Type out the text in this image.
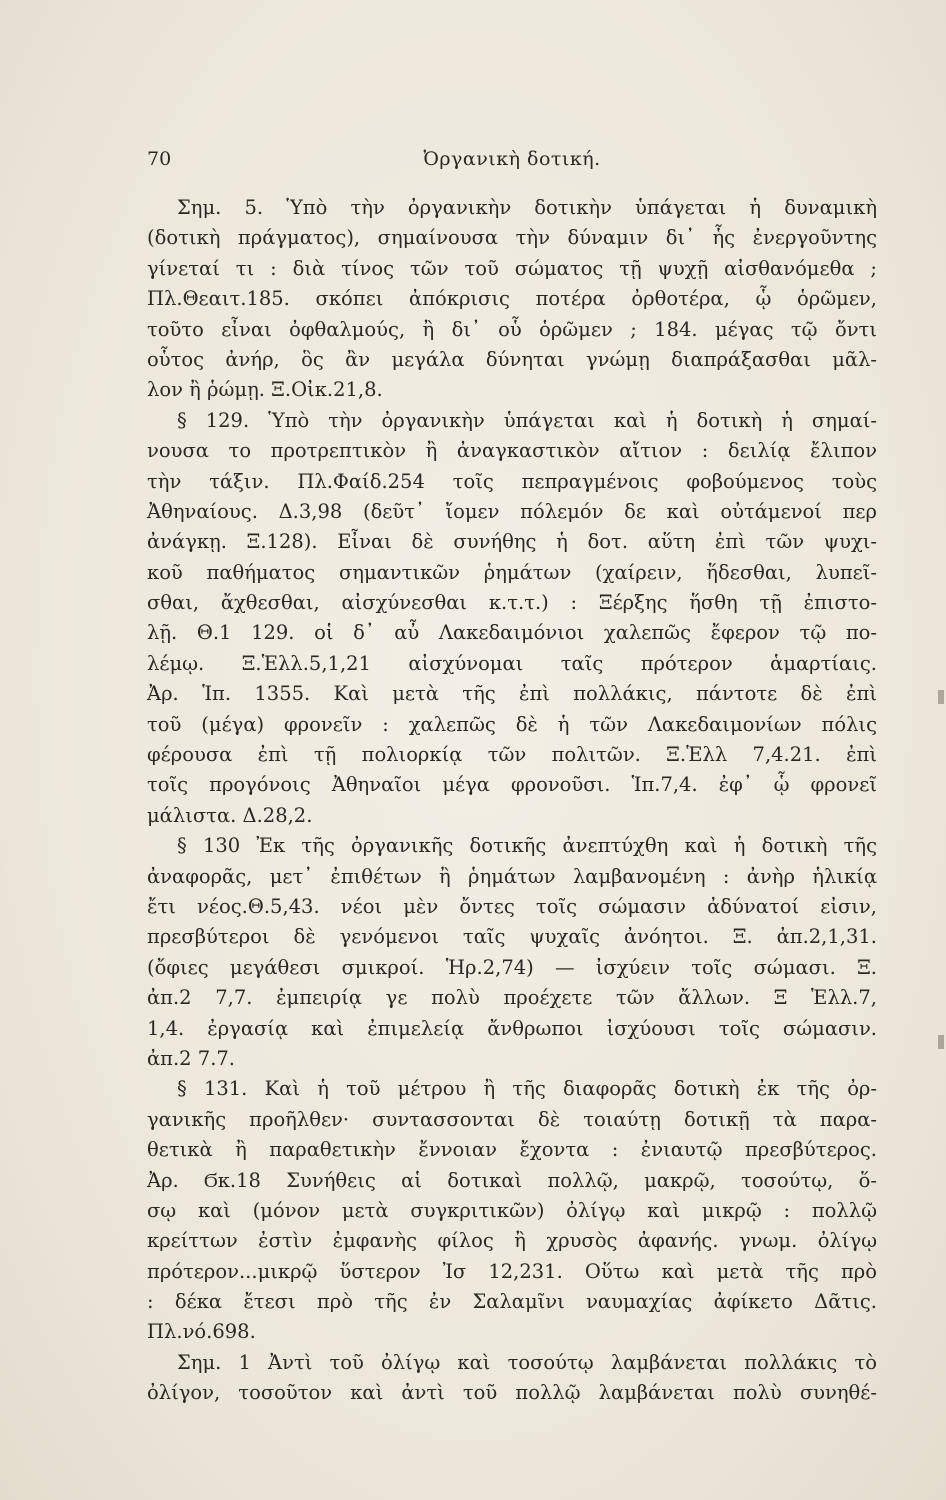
70	Ὀργανικὴ δοτική.
Σημ. 5. Ὑπὸ τὴν ὀργανικὴν δοτικὴν ὑπάγεται ἡ δυναμικὴ
(δοτικὴ πράγματος), σημαίνουσα τὴν δύναμιν δι᾽ ἧς ἐνεργοῦντης
γίνεταί τι : διὰ τίνος τῶν τοῦ σώματος τῇ ψυχῇ αἰσθανόμεθα ;
Πλ.Θεαιτ.185. σκόπει ἀπόκρισις ποτέρα ὀρθοτέρα, ᾧ ὁρῶμεν,
τοῦτο εἶναι ὀφθαλμούς, ἢ δι᾽ οὗ ὁρῶμεν ; 184. μέγας τῷ ὄντι
οὗτος ἀνήρ, ὃς ἂν μεγάλα δύνηται γνώμῃ διαπράξασθαι μᾶλ-
λον ἢ ῥώμῃ. Ξ.Οἰκ.21,8.
§ 129. Ὑπὸ τὴν ὀργανικὴν ὑπάγεται καὶ ἡ δοτικὴ ἡ σημαί-
νουσα το προτρεπτικὸν ἢ ἀναγκαστικὸν αἴτιον : δειλίᾳ ἔλιπον
τὴν τάξιν. Πλ.Φαίδ.254 τοῖς πεπραγμένοις φοβούμενος τοὺς
Ἀθηναίους. Δ.3,98 (δεῦτ᾽ ἴομεν πόλεμόν δε καὶ οὐτάμενοί περ
ἀνάγκῃ. Ξ.128). Εἶναι δὲ συνήθης ἡ δοτ. αὕτη ἐπὶ τῶν ψυχι-
κοῦ παθήματος σημαντικῶν ῥημάτων (χαίρειν, ἥδεσθαι, λυπεῖ-
σθαι, ἄχθεσθαι, αἰσχύνεσθαι κ.τ.τ.) : Ξέρξης ἥσθη τῇ ἐπιστο-
λῇ. Θ.1 129. οἱ δ᾽ αὖ Λακεδαιμόνιοι χαλεπῶς ἔφερον τῷ πο-
λέμῳ. Ξ.Ἑλλ.5,1,21 αἰσχύνομαι ταῖς πρότερον ἁμαρτίαις.
Ἀρ. Ἱπ. 1355. Καὶ μετὰ τῆς ἐπὶ πολλάκις, πάντοτε δὲ ἐπὶ
τοῦ (μέγα) φρονεῖν : χαλεπῶς δὲ ἡ τῶν Λακεδαιμονίων πόλις
φέρουσα ἐπὶ τῇ πολιορκίᾳ τῶν πολιτῶν. Ξ.Ἑλλ 7,4.21. ἐπὶ
τοῖς προγόνοις Ἀθηναῖοι μέγα φρονοῦσι. Ἱπ.7,4. ἐφ᾽ ᾧ φρονεῖ
μάλιστα. Δ.28,2.
§ 130 Ἐκ τῆς ὀργανικῆς δοτικῆς ἀνεπτύχθη καὶ ἡ δοτικὴ τῆς
ἀναφορᾶς, μετ᾽ ἐπιθέτων ἢ ῥημάτων λαμβανομένη : ἀνὴρ ἡλικίᾳ
ἔτι νέος.Θ.5,43. νέοι μὲν ὄντες τοῖς σώμασιν ἀδύνατοί εἰσιν,
πρεσβύτεροι δὲ γενόμενοι ταῖς ψυχαῖς ἀνόητοι. Ξ. ἀπ.2,1,31.
(ὄφιες μεγάθεσι σμικροί. Ἡρ.2,74) — ἰσχύειν τοῖς σώμασι. Ξ.
ἀπ.2 7,7. ἐμπειρίᾳ γε πολὺ προέχετε τῶν ἄλλων. Ξ Ἑλλ.7,
1,4. ἐργασίᾳ καὶ ἐπιμελείᾳ ἄνθρωποι ἰσχύουσι τοῖς σώμασιν.
ἀπ.2 7.7.
§ 131. Καὶ ἡ τοῦ μέτρου ἢ τῆς διαφορᾶς δοτικὴ ἐκ τῆς ὀρ-
γανικῆς προῆλθεν· συντασσονται δὲ τοιαύτῃ δοτικῇ τὰ παρα-
θετικὰ ἢ παραθετικὴν ἔννοιαν ἔχοντα : ἐνιαυτῷ πρεσβύτερος.
Ἀρ. Ϭκ.18 Συνήθεις αἱ δοτικαὶ πολλῷ, μακρῷ, τοσούτῳ, ὅ-
σῳ καὶ (μόνον μετὰ συγκριτικῶν) ὀλίγῳ καὶ μικρῷ : πολλῷ
κρείττων ἐστὶν ἐμφανὴς φίλος ἢ χρυσὸς ἀφανής. γνωμ. ὀλίγῳ
πρότερον...μικρῷ ὕστερον Ἰσ 12,231. Οὕτω καὶ μετὰ τῆς πρὸ
: δέκα ἔτεσι πρὸ τῆς ἐν Σαλαμῖνι ναυμαχίας ἀφίκετο Δᾶτις.
Πλ.νό.698.
Σημ. 1 Ἀντὶ τοῦ ὀλίγῳ καὶ τοσούτῳ λαμβάνεται πολλάκις τὸ
ὀλίγον, τοσοῦτον καὶ ἀντὶ τοῦ πολλῷ λαμβάνεται πολὺ συνηθέ-
